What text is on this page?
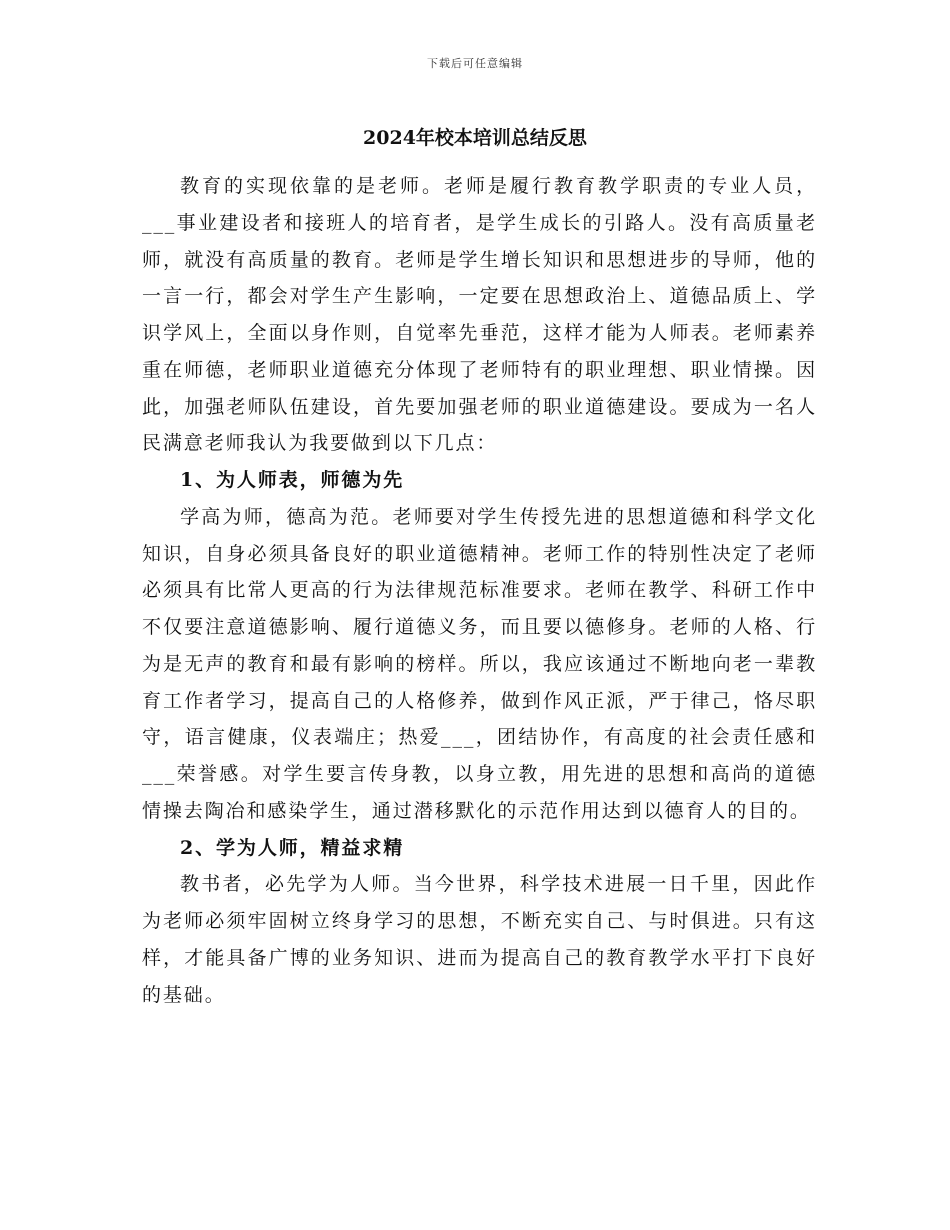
下载后可任意编辑
2024年校本培训总结反思

教育的实现依靠的是老师。老师是履行教育教学职责的专业人员，___事业建设者和接班人的培育者，是学生成长的引路人。没有高质量老师，就没有高质量的教育。老师是学生增长知识和思想进步的导师，他的一言一行，都会对学生产生影响，一定要在思想政治上、道德品质上、学识学风上，全面以身作则，自觉率先垂范，这样才能为人师表。老师素养重在师德，老师职业道德充分体现了老师特有的职业理想、职业情操。因此，加强老师队伍建设，首先要加强老师的职业道德建设。要成为一名人民满意老师我认为我要做到以下几点：

1、为人师表，师德为先

学高为师，德高为范。老师要对学生传授先进的思想道德和科学文化知识，自身必须具备良好的职业道德精神。老师工作的特别性决定了老师必须具有比常人更高的行为法律规范标准要求。老师在教学、科研工作中不仅要注意道德影响、履行道德义务，而且要以德修身。老师的人格、行为是无声的教育和最有影响的榜样。所以，我应该通过不断地向老一辈教育工作者学习，提高自己的人格修养，做到作风正派，严于律己，恪尽职守，语言健康，仪表端庄；热爱___，团结协作，有高度的社会责任感和___荣誉感。对学生要言传身教，以身立教，用先进的思想和高尚的道德情操去陶冶和感染学生，通过潜移默化的示范作用达到以德育人的目的。

2、学为人师，精益求精

教书者，必先学为人师。当今世界，科学技术进展一日千里，因此作为老师必须牢固树立终身学习的思想，不断充实自己、与时俱进。只有这样，才能具备广博的业务知识、进而为提高自己的教育教学水平打下良好的基础。
